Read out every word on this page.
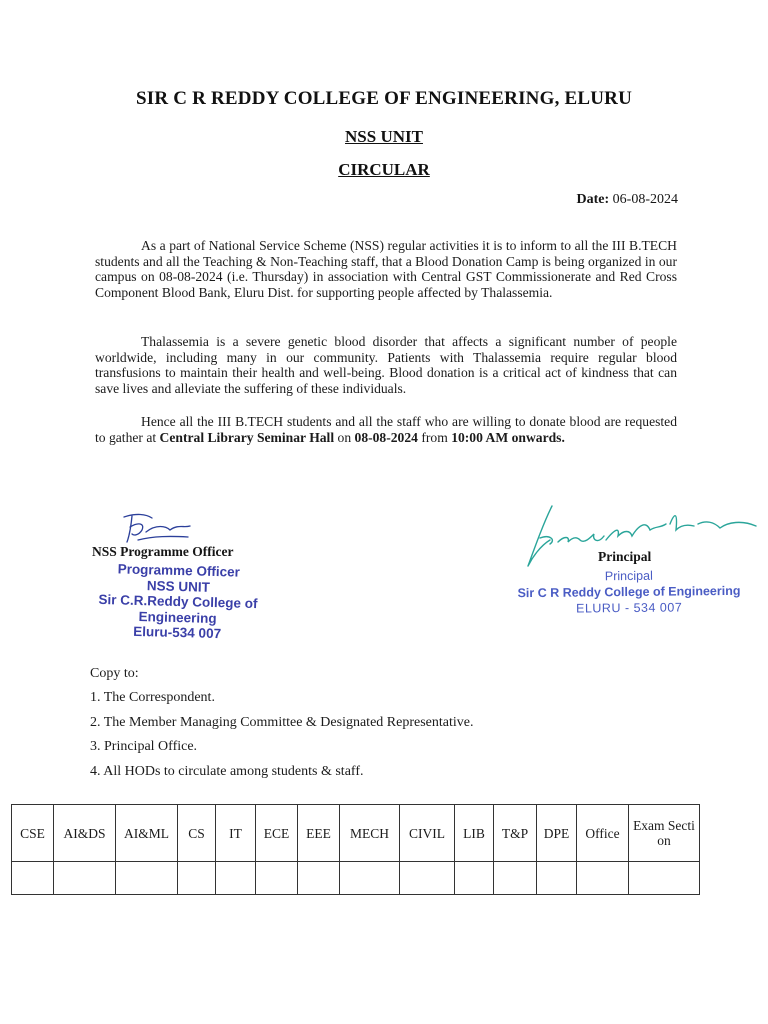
SIR C R REDDY COLLEGE OF ENGINEERING, ELURU
NSS UNIT
CIRCULAR
Date: 06-08-2024
As a part of National Service Scheme (NSS) regular activities it is to inform to all the III B.TECH students and all the Teaching & Non-Teaching staff, that a Blood Donation Camp is being organized in our campus on 08-08-2024 (i.e. Thursday) in association with Central GST Commissionerate and Red Cross Component Blood Bank, Eluru Dist. for supporting people affected by Thalassemia.
Thalassemia is a severe genetic blood disorder that affects a significant number of people worldwide, including many in our community. Patients with Thalassemia require regular blood transfusions to maintain their health and well-being. Blood donation is a critical act of kindness that can save lives and alleviate the suffering of these individuals.
Hence all the III B.TECH students and all the staff who are willing to donate blood are requested to gather at Central Library Seminar Hall on 08-08-2024 from 10:00 AM onwards.
NSS Programme Officer
Programme Officer
NSS UNIT
Sir C.R.Reddy College of Engineering
Eluru-534 007
Principal
Principal
Sir C R Reddy College of Engineering
ELURU - 534 007
Copy to:
1. The Correspondent.
2. The Member Managing Committee & Designated Representative.
3. Principal Office.
4. All HODs to circulate among students & staff.
CSE	AI&DS	AI&ML	CS	IT	ECE	EEE	MECH	CIVIL	LIB	T&P	DPE	Office	Exam Section
